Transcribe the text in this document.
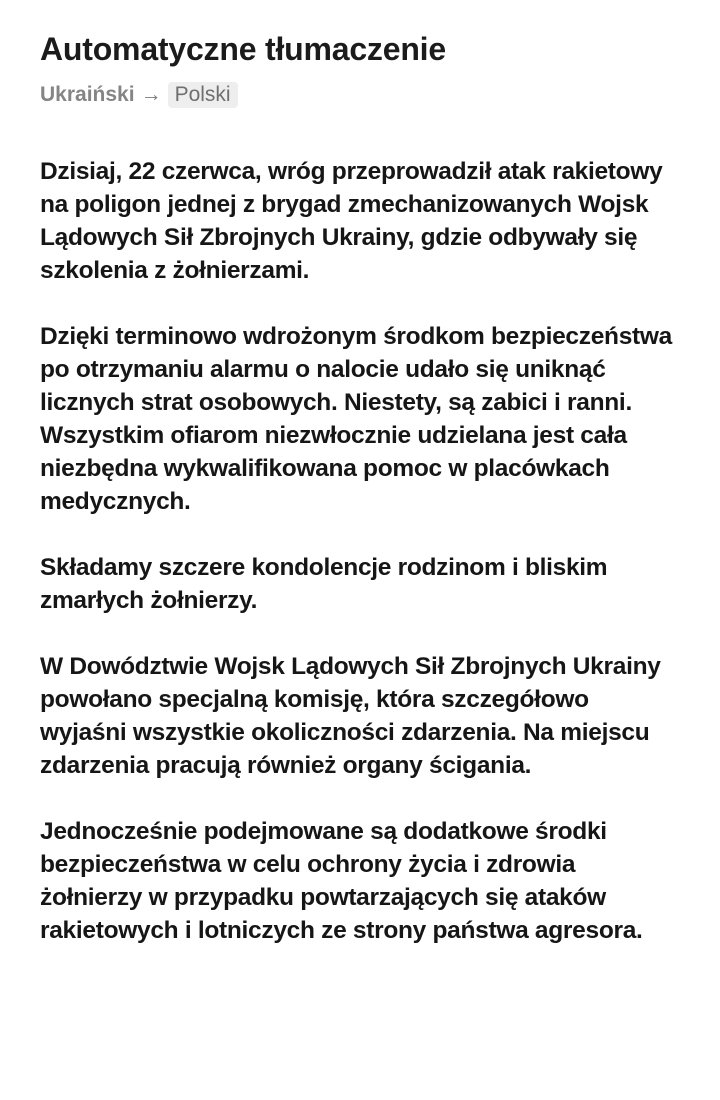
Automatyczne tłumaczenie
Ukraiński → Polski

Dzisiaj, 22 czerwca, wróg przeprowadził atak rakietowy na poligon jednej z brygad zmechanizowanych Wojsk Lądowych Sił Zbrojnych Ukrainy, gdzie odbywały się szkolenia z żołnierzami.

Dzięki terminowo wdrożonym środkom bezpieczeństwa po otrzymaniu alarmu o nalocie udało się uniknąć licznych strat osobowych. Niestety, są zabici i ranni. Wszystkim ofiarom niezwłocznie udzielana jest cała niezbędna wykwalifikowana pomoc w placówkach medycznych.

Składamy szczere kondolencje rodzinom i bliskim zmarłych żołnierzy.

W Dowództwie Wojsk Lądowych Sił Zbrojnych Ukrainy powołano specjalną komisję, która szczegółowo wyjaśni wszystkie okoliczności zdarzenia. Na miejscu zdarzenia pracują również organy ścigania.

Jednocześnie podejmowane są dodatkowe środki bezpieczeństwa w celu ochrony życia i zdrowia żołnierzy w przypadku powtarzających się ataków rakietowych i lotniczych ze strony państwa agresora.
